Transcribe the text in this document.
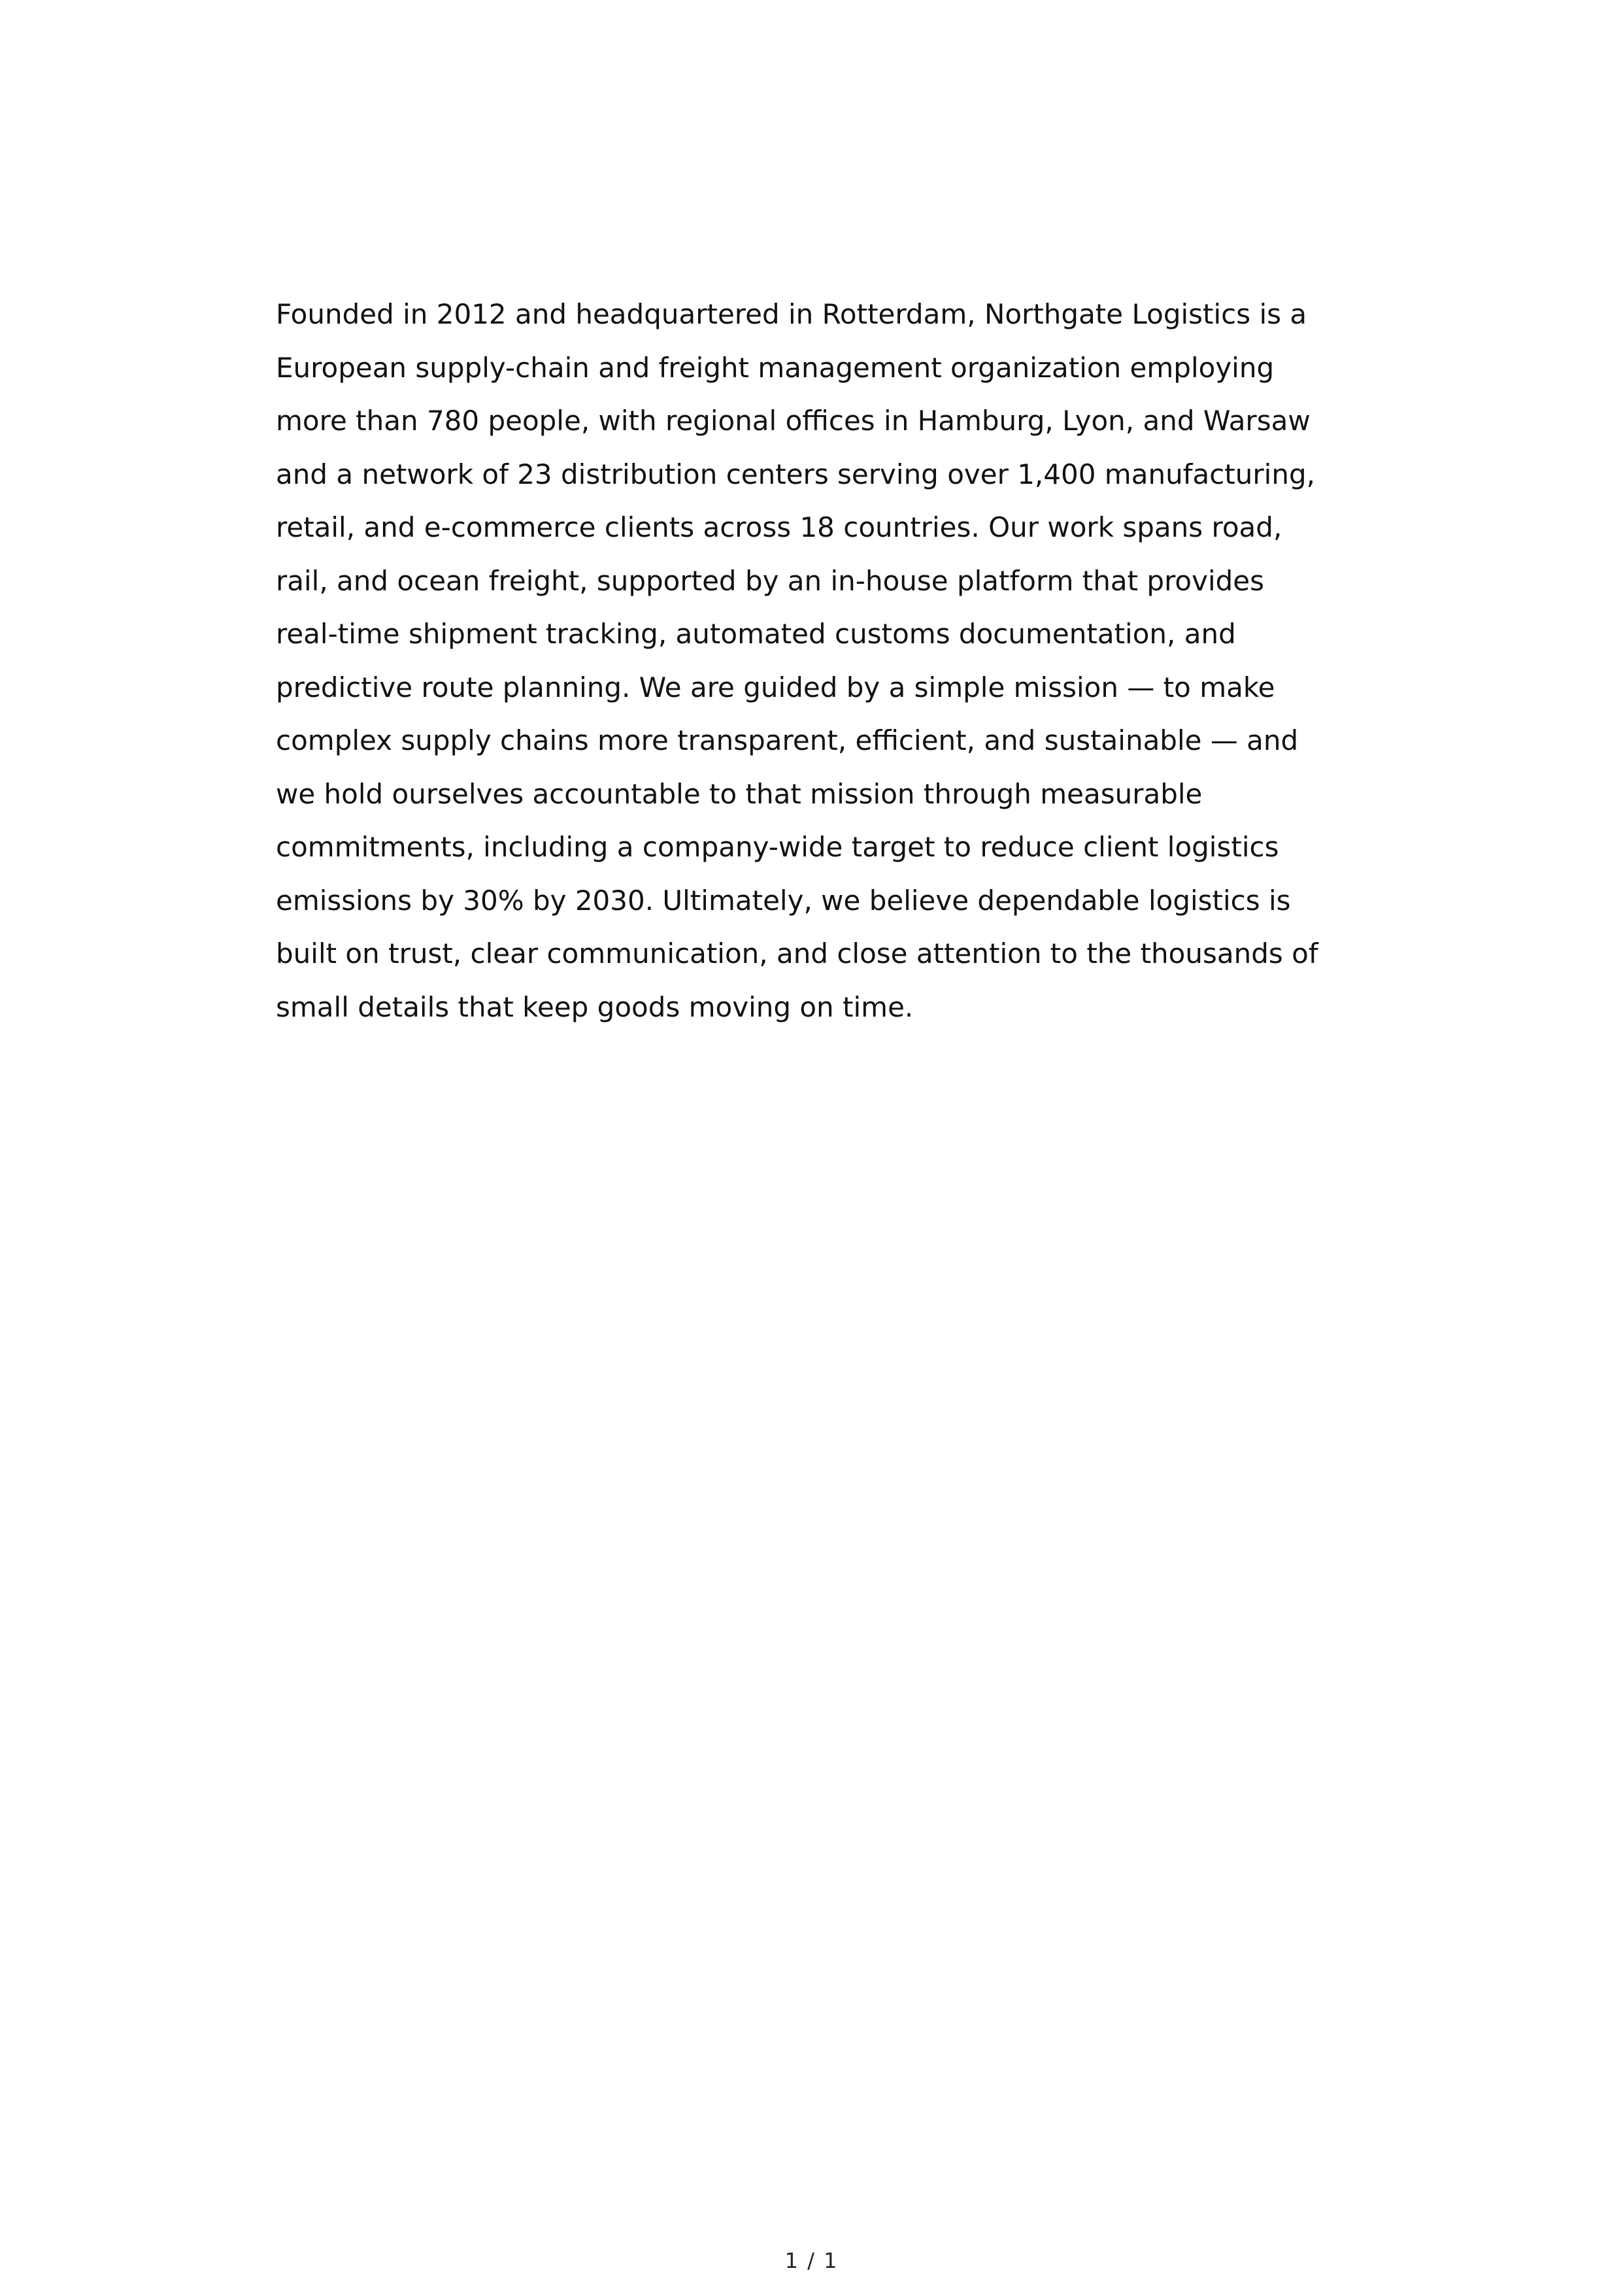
Founded in 2012 and headquartered in Rotterdam, Northgate Logistics is a
European supply-chain and freight management organization employing
more than 780 people, with regional offices in Hamburg, Lyon, and Warsaw
and a network of 23 distribution centers serving over 1,400 manufacturing,
retail, and e-commerce clients across 18 countries. Our work spans road,
rail, and ocean freight, supported by an in-house platform that provides
real-time shipment tracking, automated customs documentation, and
predictive route planning. We are guided by a simple mission — to make
complex supply chains more transparent, efficient, and sustainable — and
we hold ourselves accountable to that mission through measurable
commitments, including a company-wide target to reduce client logistics
emissions by 30% by 2030. Ultimately, we believe dependable logistics is
built on trust, clear communication, and close attention to the thousands of
small details that keep goods moving on time.

1 / 1
